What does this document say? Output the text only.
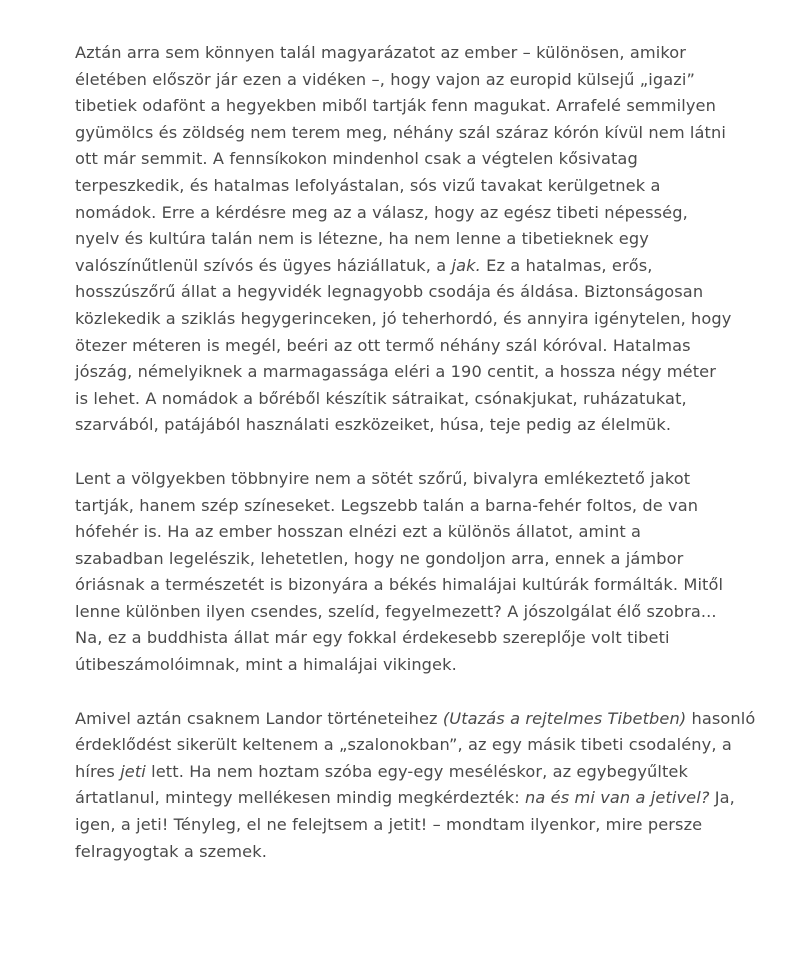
Aztán arra sem könnyen talál magyarázatot az ember – különösen, amikor
életében először jár ezen a vidéken –, hogy vajon az europid külsejű „igazi”
tibetiek odafönt a hegyekben miből tartják fenn magukat. Arrafelé semmilyen
gyümölcs és zöldség nem terem meg, néhány szál száraz kórón kívül nem látni
ott már semmit. A fennsíkokon mindenhol csak a végtelen kősivatag
terpeszkedik, és hatalmas lefolyástalan, sós vizű tavakat kerülgetnek a
nomádok. Erre a kérdésre meg az a válasz, hogy az egész tibeti népesség,
nyelv és kultúra talán nem is létezne, ha nem lenne a tibetieknek egy
valószínűtlenül szívós és ügyes háziállatuk, a jak. Ez a hatalmas, erős,
hosszúszőrű állat a hegyvidék legnagyobb csodája és áldása. Biztonságosan
közlekedik a sziklás hegygerinceken, jó teherhordó, és annyira igénytelen, hogy
ötezer méteren is megél, beéri az ott termő néhány szál kóróval. Hatalmas
jószág, némelyiknek a marmagassága eléri a 190 centit, a hossza négy méter
is lehet. A nomádok a bőréből készítik sátraikat, csónakjukat, ruházatukat,
szarvából, patájából használati eszközeiket, húsa, teje pedig az élelmük.

Lent a völgyekben többnyire nem a sötét szőrű, bivalyra emlékeztető jakot
tartják, hanem szép színeseket. Legszebb talán a barna-fehér foltos, de van
hófehér is. Ha az ember hosszan elnézi ezt a különös állatot, amint a
szabadban legelészik, lehetetlen, hogy ne gondoljon arra, ennek a jámbor
óriásnak a természetét is bizonyára a békés himalájai kultúrák formálták. Mitől
lenne különben ilyen csendes, szelíd, fegyelmezett? A jószolgálat élő szobra...
Na, ez a buddhista állat már egy fokkal érdekesebb szereplője volt tibeti
útibeszámolóimnak, mint a himalájai vikingek.

Amivel aztán csaknem Landor történeteihez (Utazás a rejtelmes Tibetben) hasonló
érdeklődést sikerült keltenem a „szalonokban”, az egy másik tibeti csodalény, a
híres jeti lett. Ha nem hoztam szóba egy-egy meséléskor, az egybegyűltek
ártatlanul, mintegy mellékesen mindig megkérdezték: na és mi van a jetivel? Ja,
igen, a jeti! Tényleg, el ne felejtsem a jetit! – mondtam ilyenkor, mire persze
felragyogtak a szemek.
